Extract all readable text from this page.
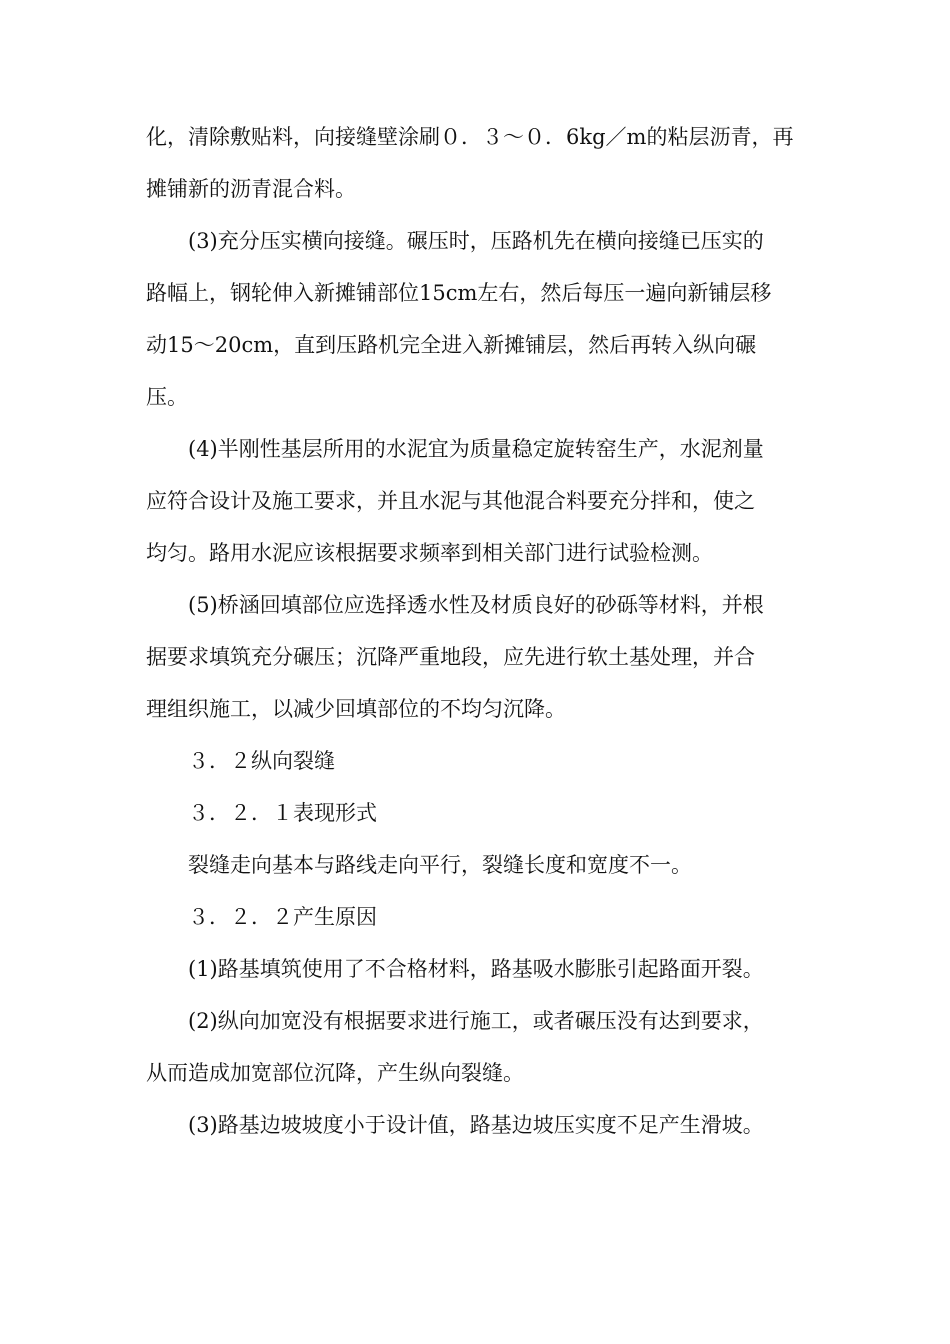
化，清除敷贴料，向接缝壁涂刷０．３～０．6kg／m的粘层沥青，再
摊铺新的沥青混合料。
(3)充分压实横向接缝。碾压时，压路机先在横向接缝已压实的
路幅上，钢轮伸入新摊铺部位15cm左右，然后每压一遍向新铺层移
动15～20cm，直到压路机完全进入新摊铺层，然后再转入纵向碾
压。
(4)半刚性基层所用的水泥宜为质量稳定旋转窑生产，水泥剂量
应符合设计及施工要求，并且水泥与其他混合料要充分拌和，使之
均匀。路用水泥应该根据要求频率到相关部门进行试验检测。
(5)桥涵回填部位应选择透水性及材质良好的砂砾等材料，并根
据要求填筑充分碾压；沉降严重地段，应先进行软土基处理，并合
理组织施工，以减少回填部位的不均匀沉降。
３．２纵向裂缝
３．２．１表现形式
裂缝走向基本与路线走向平行，裂缝长度和宽度不一。
３．２．２产生原因
(1)路基填筑使用了不合格材料，路基吸水膨胀引起路面开裂。
(2)纵向加宽没有根据要求进行施工，或者碾压没有达到要求，
从而造成加宽部位沉降，产生纵向裂缝。
(3)路基边坡坡度小于设计值，路基边坡压实度不足产生滑坡。
